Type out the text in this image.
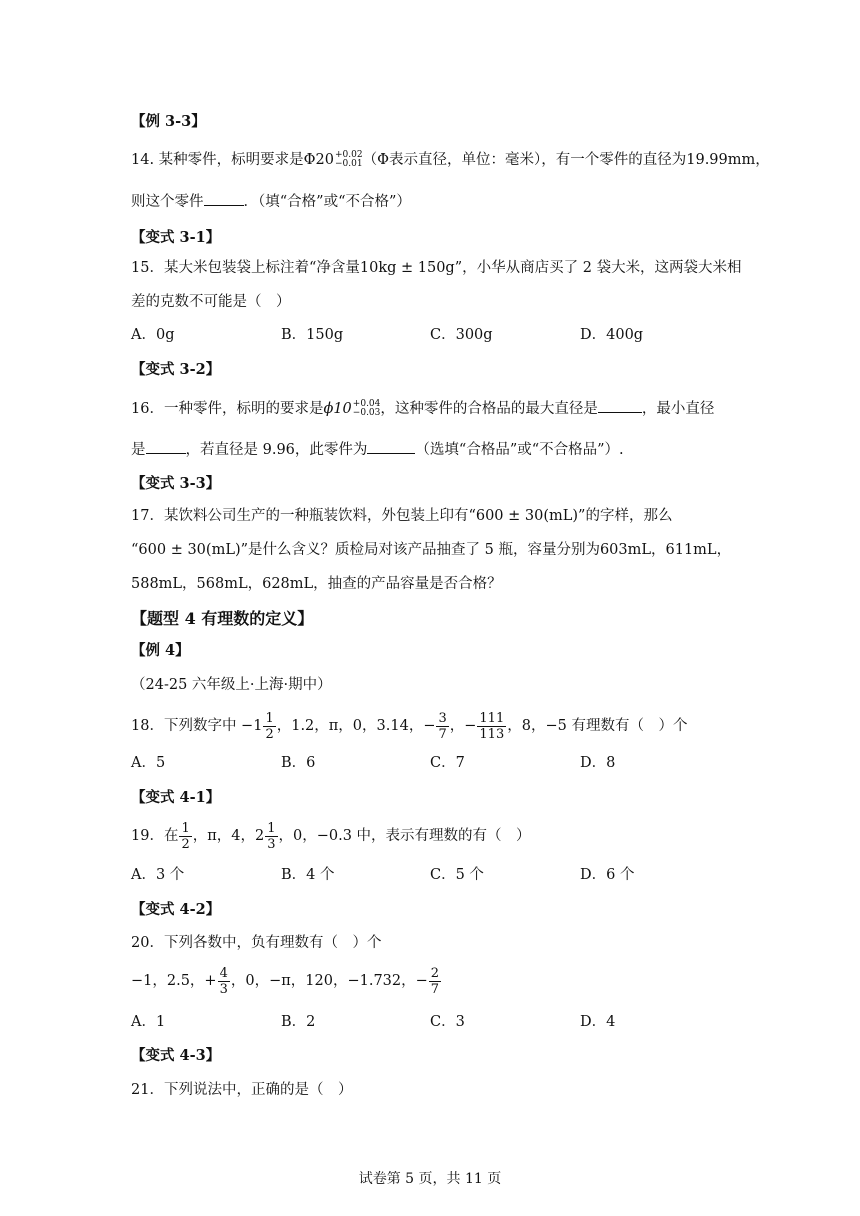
【例 3-3】
14. 某种零件，标明要求是Φ20 +0.02
−0.01 （Φ表示直径，单位：毫米），有一个零件的直径为19.99mm，
则这个零件	．（填“合格”或“不合格”）
【变式 3-1】
15．某大米包装袋上标注着“净含量10kg ± 150g”，小华从商店买了 2 袋大米，这两袋大米相
差的克数不可能是（　）
A．0g	B．150g	C．300g	D．400g
【变式 3-2】
16．一种零件，标明的要求是ϕ10 +0.04
−0.03 ，这种零件的合格品的最大直径是	，最小直径
是	，若直径是 9.96，此零件为	（选填“合格品”或“不合格品”）.
【变式 3-3】
17．某饮料公司生产的一种瓶装饮料，外包装上印有“600 ± 30(mL)”的字样，那么
“600 ± 30(mL)”是什么含义？质检局对该产品抽查了 5 瓶，容量分别为603mL，611mL，
588mL，568mL，628mL，抽查的产品容量是否合格？
【题型 4 有理数的定义】
【例 4】
（24-25 六年级上·上海·期中）
18．下列数字中 $-1 \frac{1}{2}$ ，1.2，π，0，3.14，− $\frac{3}{7}$ ，− $\frac{111}{113}$ ，8，−5 有理数有（　）个
A．5	B．6	C．7	D．8
【变式 4-1】
19．在 $\frac{1}{2}$ ，π，4，$2 \frac{1}{3}$ ，0，−0.3 中，表示有理数的有（　）
A．3 个	B．4 个	C．5 个	D．6 个
【变式 4-2】
20．下列各数中，负有理数有（　）个
−1，2.5，+ $\frac{4}{3}$ ，0，−π，120，−1.732，− $\frac{2}{7}$
A．1	B．2	C．3	D．4
【变式 4-3】
21．下列说法中，正确的是（　）
试卷第 5 页，共 11 页
